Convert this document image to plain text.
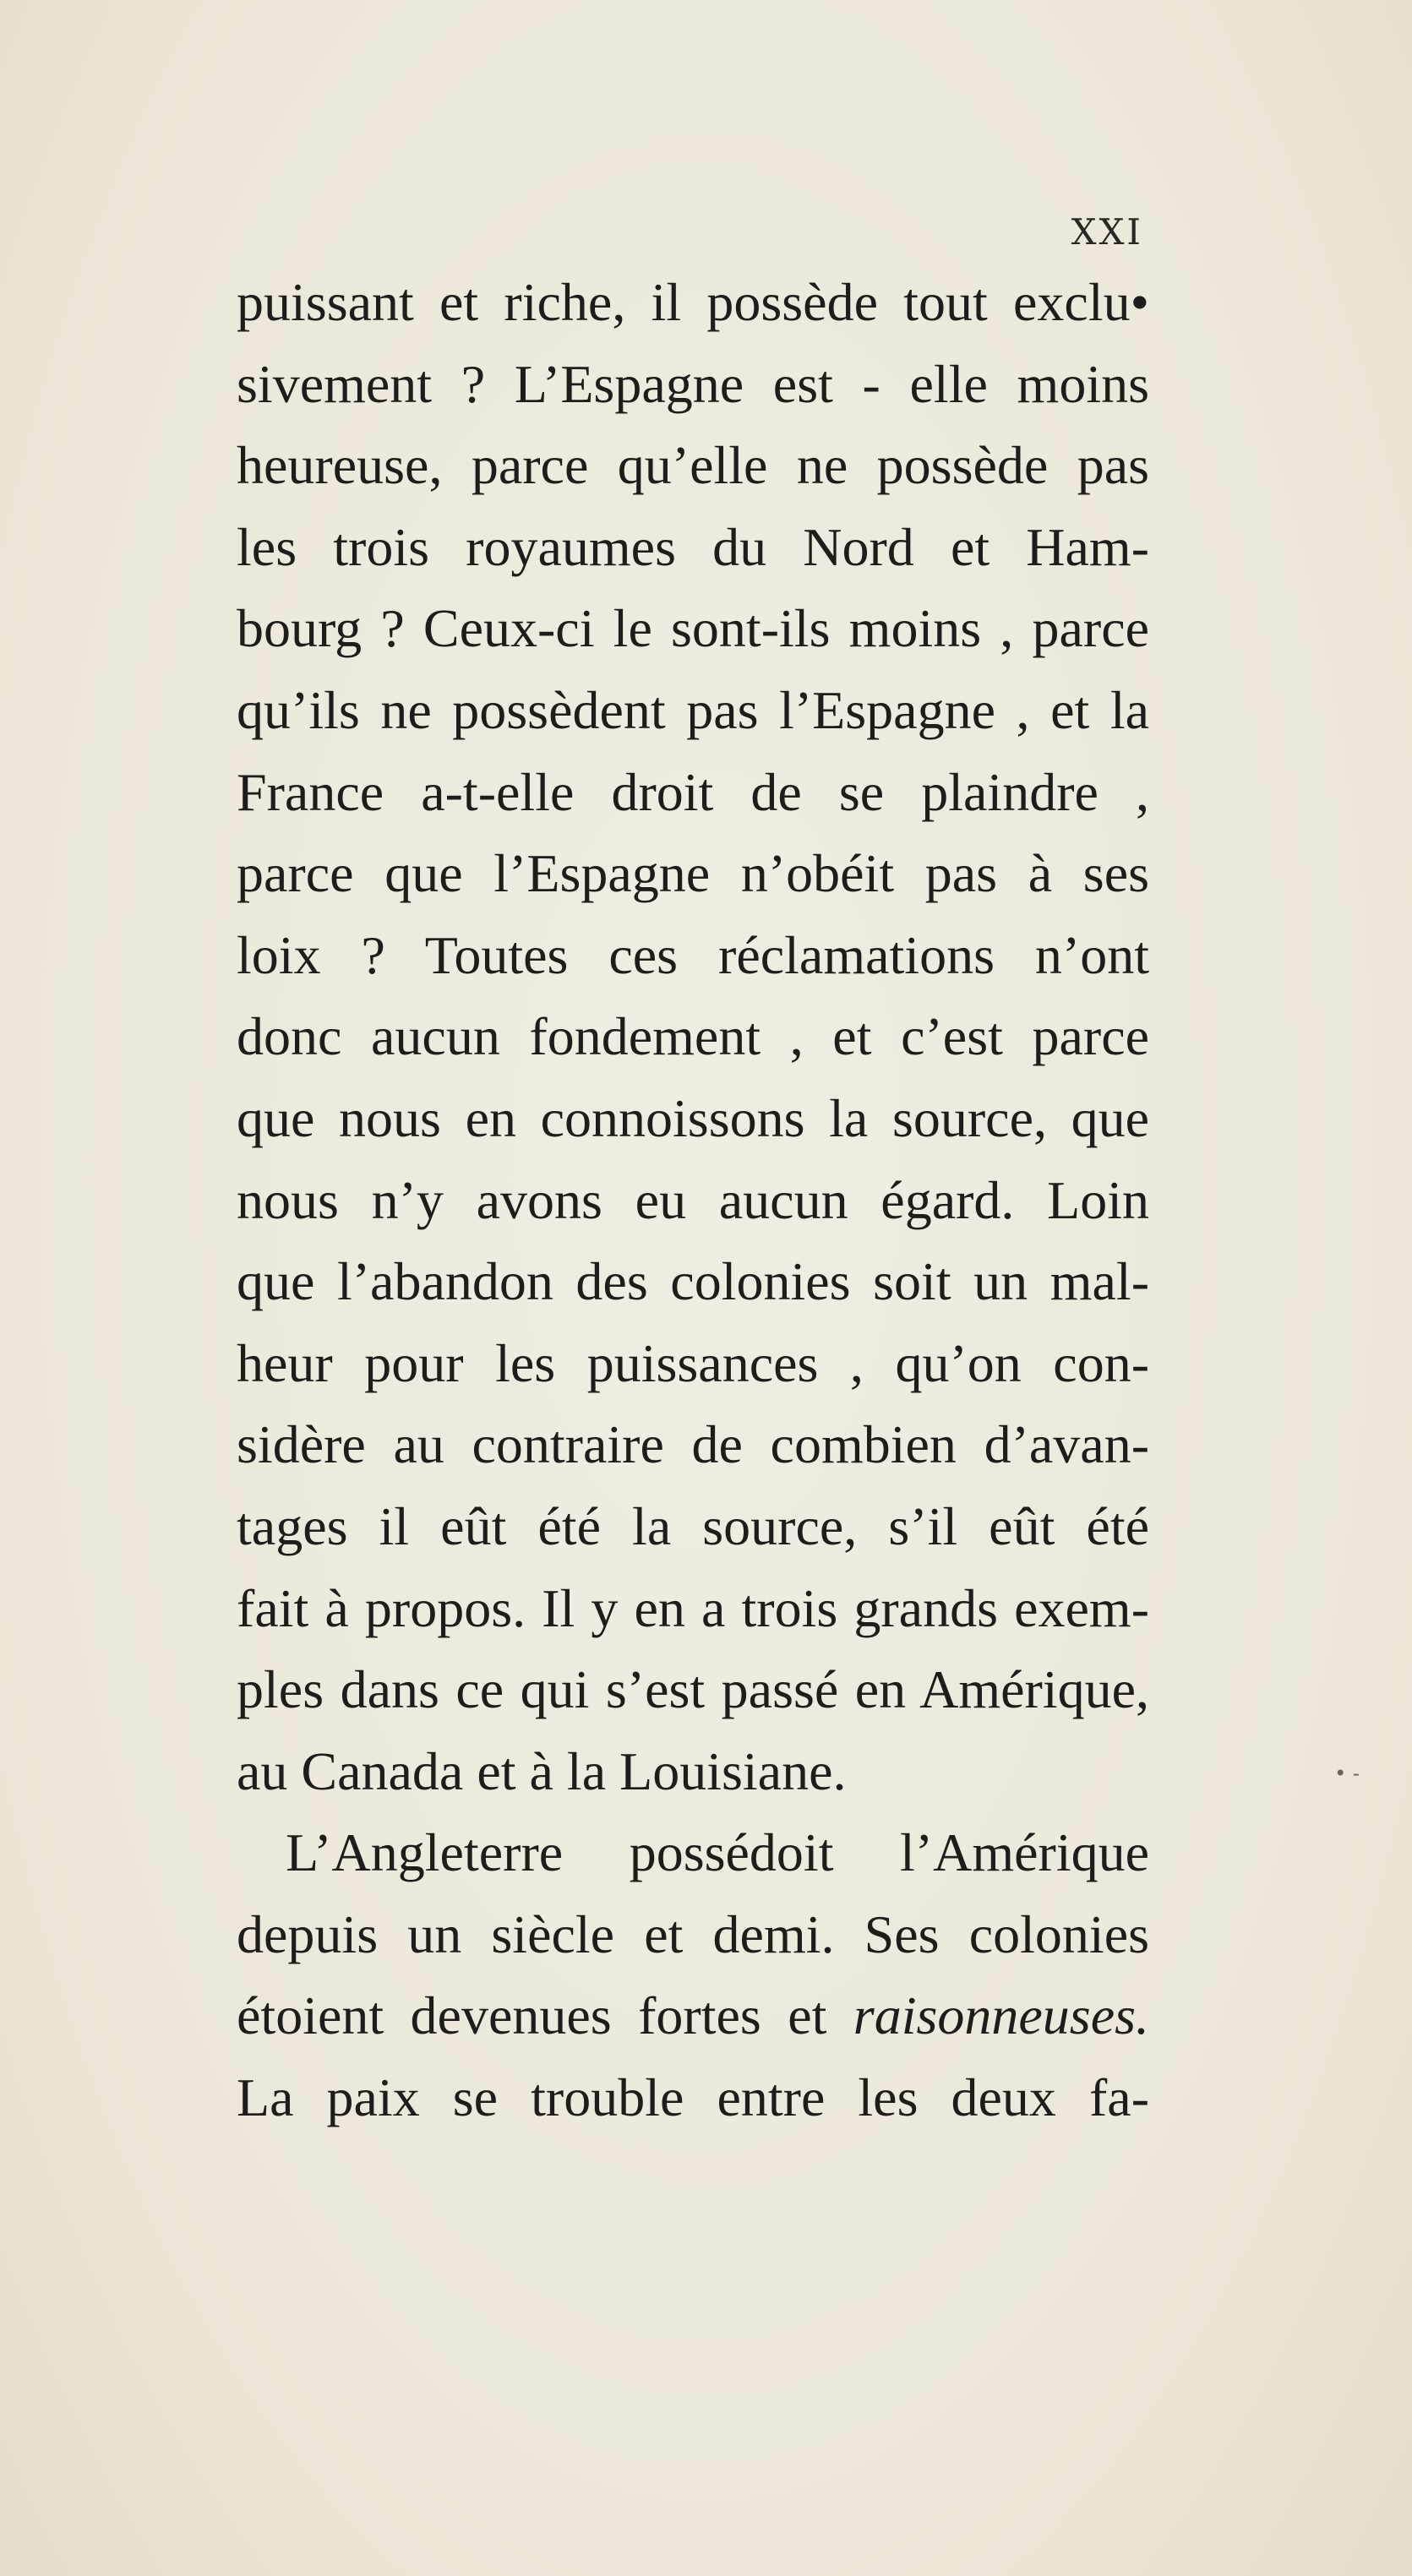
XXI
puissant et riche, il possède tout exclu•
sivement ? L’Espagne est - elle moins
heureuse, parce qu’elle ne possède pas
les trois royaumes du Nord et Ham-
bourg ? Ceux-ci le sont-ils moins , parce
qu’ils ne possèdent pas l’Espagne , et la
France a-t-elle droit de se plaindre ,
parce que l’Espagne n’obéit pas à ses
loix ? Toutes ces réclamations n’ont
donc aucun fondement , et c’est parce
que nous en connoissons la source, que
nous n’y avons eu aucun égard. Loin
que l’abandon des colonies soit un mal-
heur pour les puissances , qu’on con-
sidère au contraire de combien d’avan-
tages il eût été la source, s’il eût été
fait à propos. Il y en a trois grands exem-
ples dans ce qui s’est passé en Amérique,
au Canada et à la Louisiane.
L’Angleterre possédoit l’Amérique
depuis un siècle et demi. Ses colonies
étoient devenues fortes et raisonneuses.
La paix se trouble entre les deux fa-
• -
